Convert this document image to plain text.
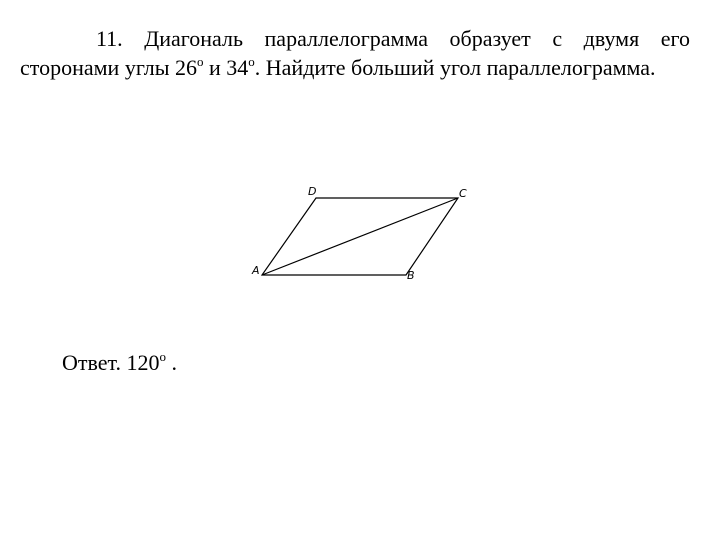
11. Диагональ параллелограмма образует с двумя его сторонами углы 26$^o$ и 34$^o$. Найдите больший угол параллелограмма.
D	C
A	B
Ответ. 120$^o$ .
